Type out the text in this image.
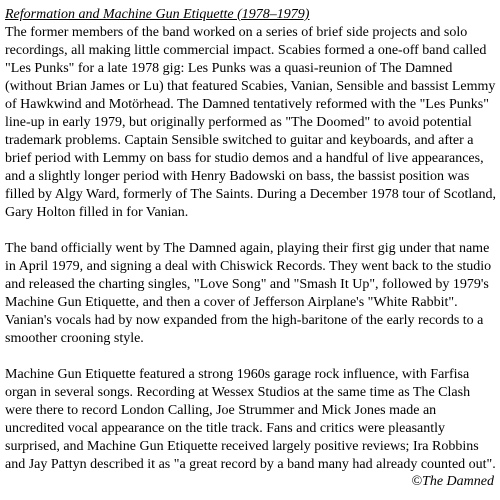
Reformation and Machine Gun Etiquette (1978–1979)

The former members of the band worked on a series of brief side projects and solo recordings, all making little commercial impact. Scabies formed a one-off band called "Les Punks" for a late 1978 gig: Les Punks was a quasi-reunion of The Damned (without Brian James or Lu) that featured Scabies, Vanian, Sensible and bassist Lemmy of Hawkwind and Motörhead. The Damned tentatively reformed with the "Les Punks" line-up in early 1979, but originally performed as "The Doomed" to avoid potential trademark problems. Captain Sensible switched to guitar and keyboards, and after a brief period with Lemmy on bass for studio demos and a handful of live appearances, and a slightly longer period with Henry Badowski on bass, the bassist position was filled by Algy Ward, formerly of The Saints. During a December 1978 tour of Scotland, Gary Holton filled in for Vanian.

The band officially went by The Damned again, playing their first gig under that name in April 1979, and signing a deal with Chiswick Records. They went back to the studio and released the charting singles, "Love Song" and "Smash It Up", followed by 1979's Machine Gun Etiquette, and then a cover of Jefferson Airplane's "White Rabbit". Vanian's vocals had by now expanded from the high-baritone of the early records to a smoother crooning style.

Machine Gun Etiquette featured a strong 1960s garage rock influence, with Farfisa organ in several songs. Recording at Wessex Studios at the same time as The Clash were there to record London Calling, Joe Strummer and Mick Jones made an uncredited vocal appearance on the title track. Fans and critics were pleasantly surprised, and Machine Gun Etiquette received largely positive reviews; Ira Robbins and Jay Pattyn described it as "a great record by a band many had already counted out".

©The Damned
